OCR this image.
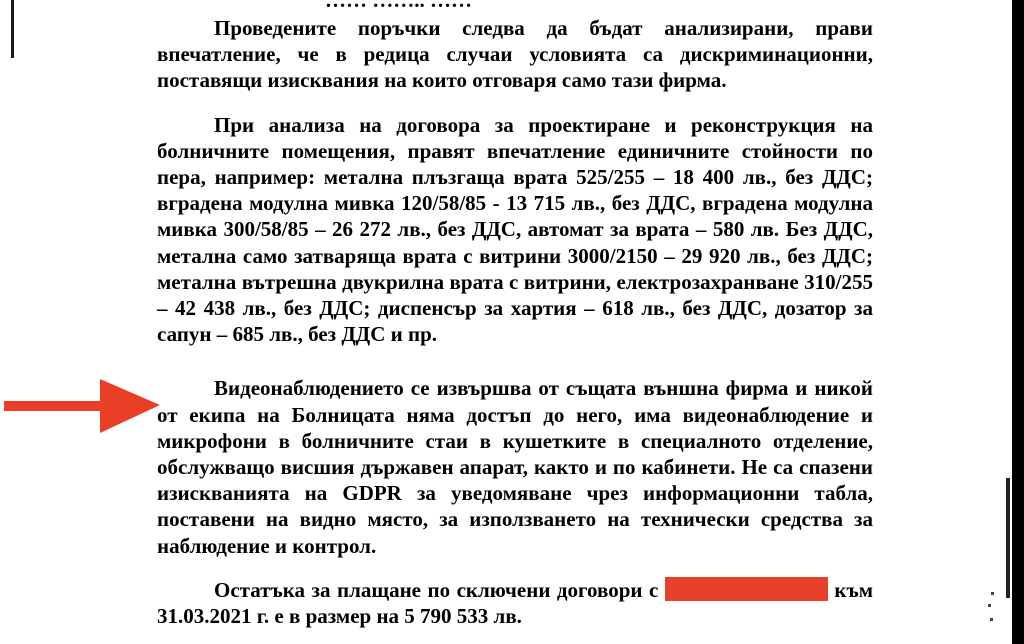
…… …….. ……

Проведените поръчки следва да бъдат анализирани, прави впечатление, че в редица случаи условията са дискриминационни, поставящи изисквания на които отговаря само тази фирма.

При анализа на договора за проектиране и реконструкция на болничните помещения, правят впечатление единичните стойности по пера, например: метална плъзгаща врата 525/255 – 18 400 лв., без ДДС; вградена модулна мивка 120/58/85 - 13 715 лв., без ДДС, вградена модулна мивка 300/58/85 – 26 272 лв., без ДДС, автомат за врата – 580 лв. Без ДДС, метална само затваряща врата с витрини 3000/2150 – 29 920 лв., без ДДС; метална вътрешна двукрилна врата с витрини, електрозахранване 310/255 – 42 438 лв., без ДДС; диспенсър за хартия – 618 лв., без ДДС, дозатор за сапун – 685 лв., без ДДС и пр.

Видеонаблюдението се извършва от същата външна фирма и никой от екипа на Болницата няма достъп до него, има видеонаблюдение и микрофони в болничните стаи в кушетките в специалното отделение, обслужващо висшия държавен апарат, както и по кабинети. Не са спазени изискванията на GDPR за уведомяване чрез информационни табла, поставени на видно място, за използването на технически средства за наблюдение и контрол.

Остатъка за плащане по сключени договори с	към 31.03.2021 г. е в размер на 5 790 533 лв.
